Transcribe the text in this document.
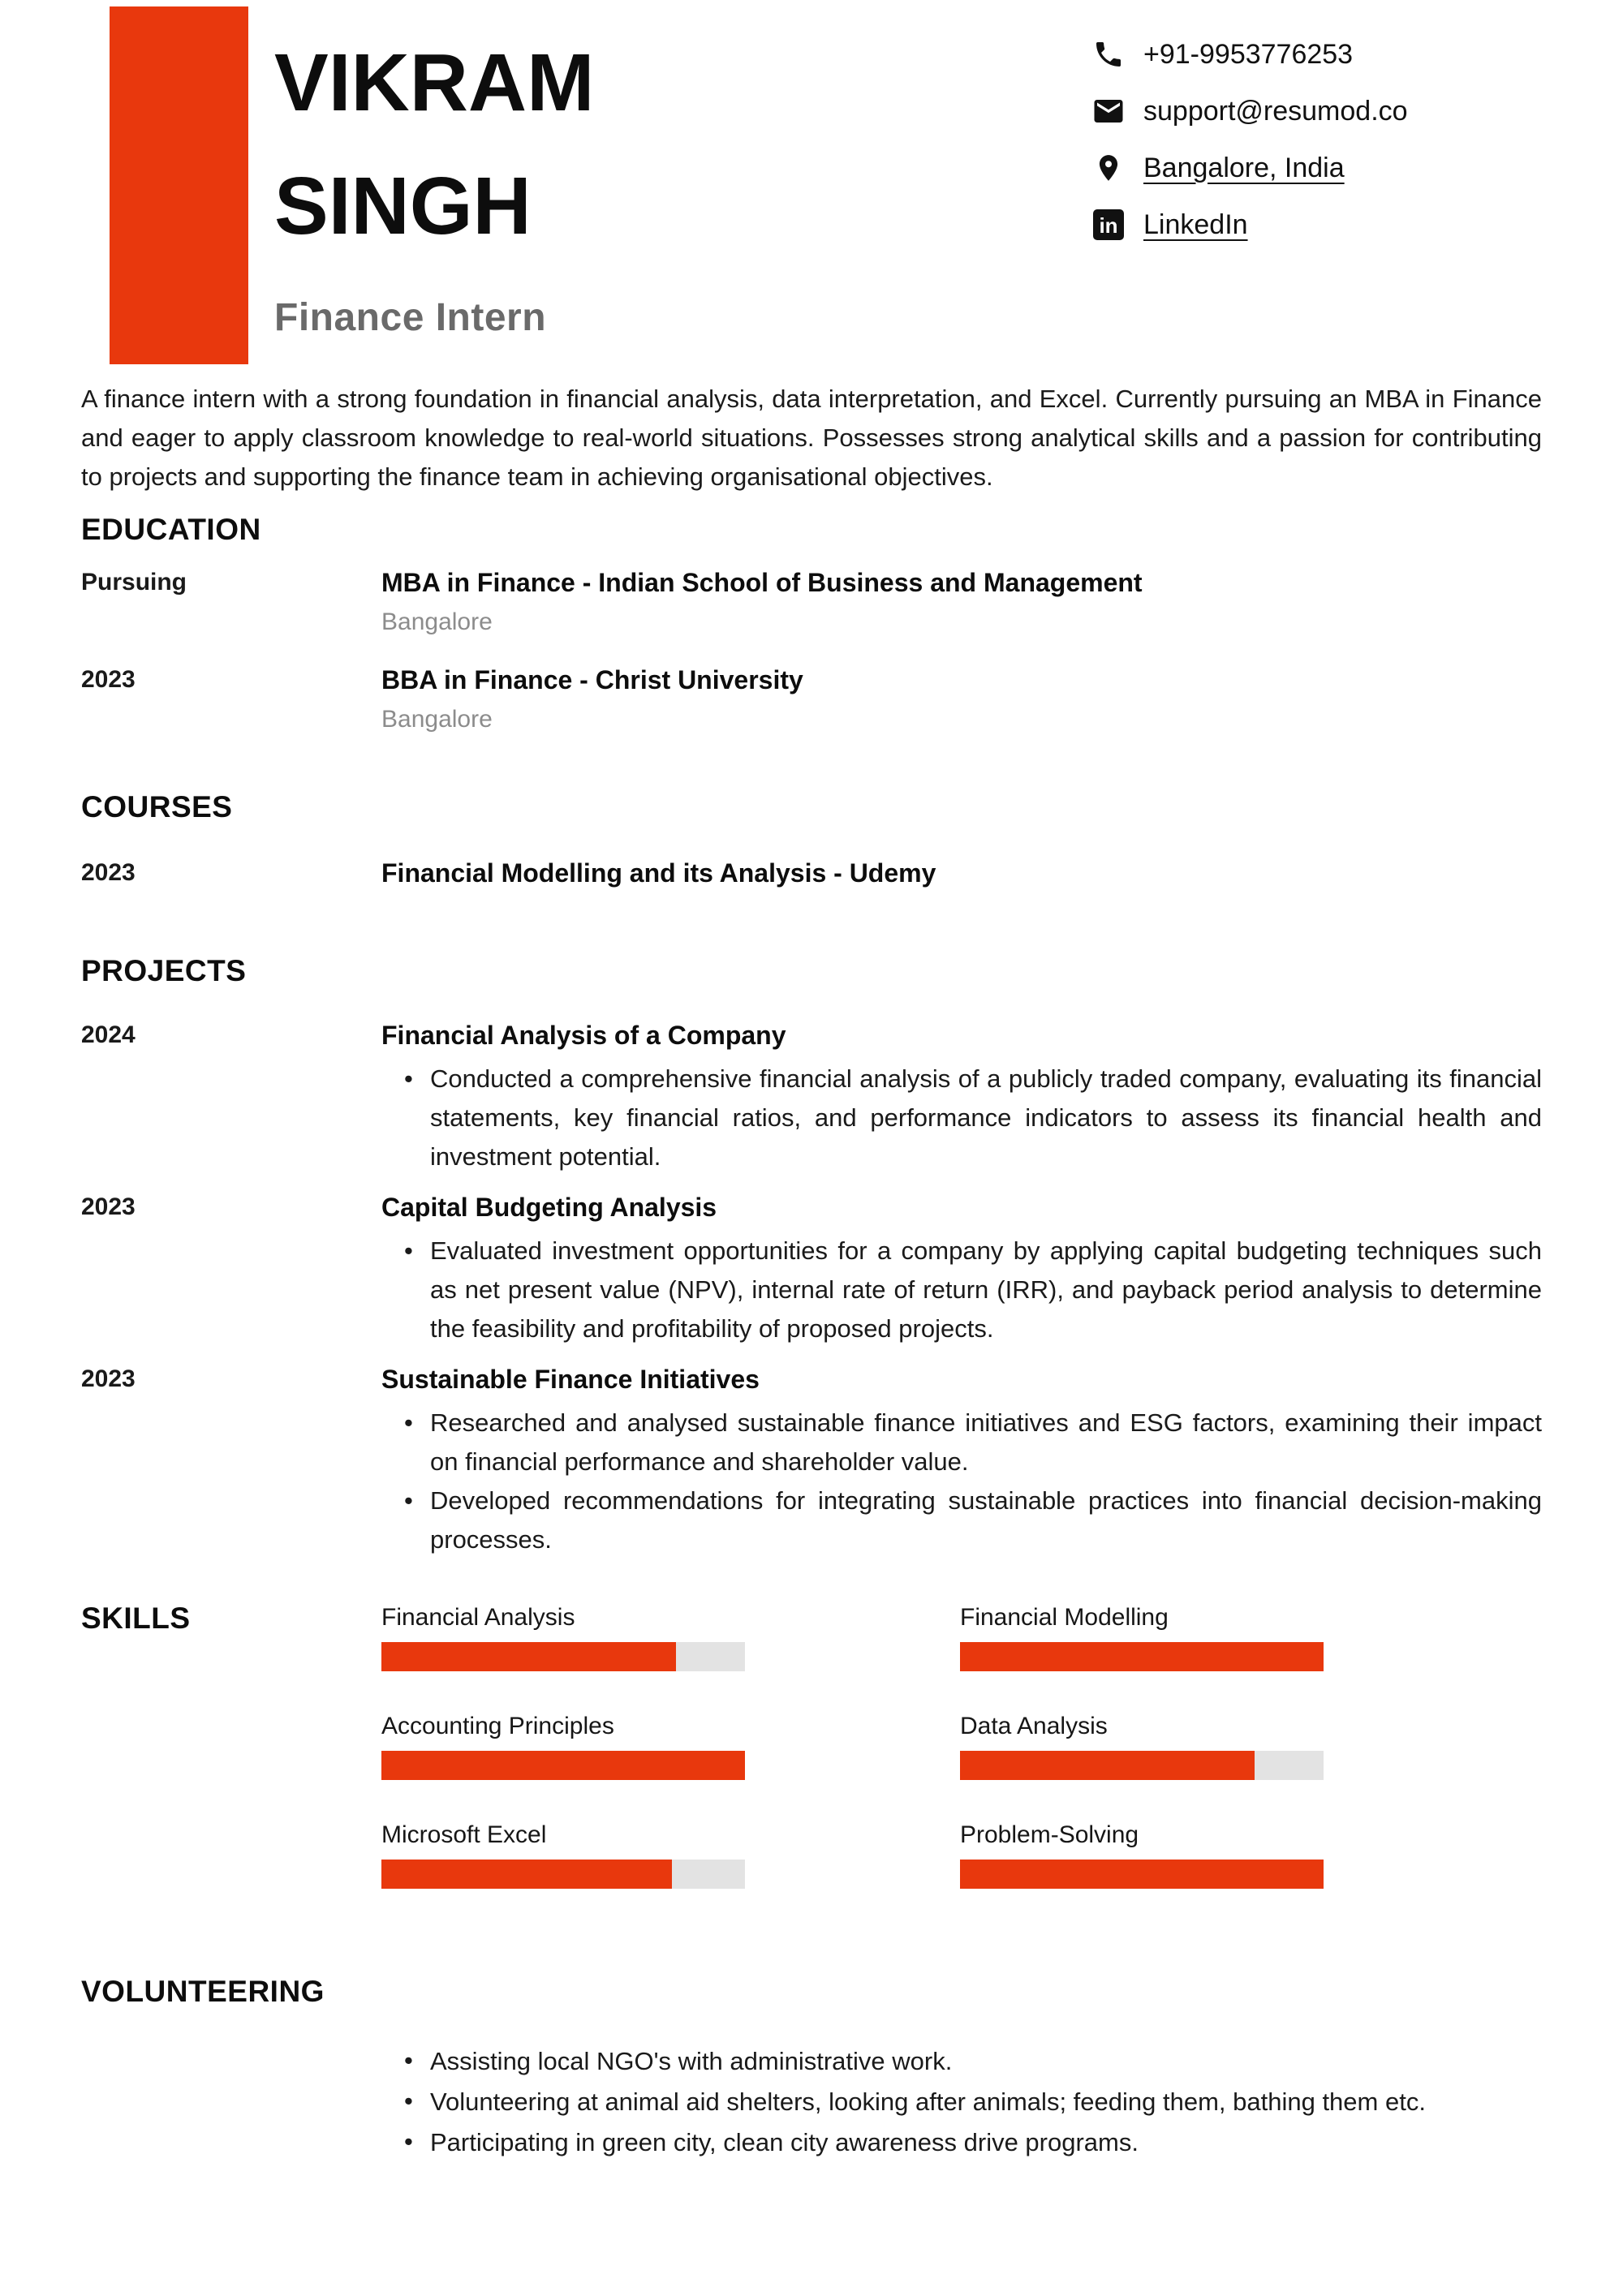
VIKRAM
SINGH
Finance Intern
+91-9953776253
support@resumod.co
Bangalore, India
in LinkedIn

A finance intern with a strong foundation in financial analysis, data interpretation, and Excel. Currently pursuing an MBA in Finance and eager to apply classroom knowledge to real-world situations. Possesses strong analytical skills and a passion for contributing to projects and supporting the finance team in achieving organisational objectives.

EDUCATION
Pursuing	MBA in Finance - Indian School of Business and Management
Bangalore
2023	BBA in Finance - Christ University
Bangalore
COURSES
2023	Financial Modelling and its Analysis - Udemy
PROJECTS
2024	Financial Analysis of a Company
• Conducted a comprehensive financial analysis of a publicly traded company, evaluating its financial statements, key financial ratios, and performance indicators to assess its financial health and investment potential.
2023	Capital Budgeting Analysis
• Evaluated investment opportunities for a company by applying capital budgeting techniques such as net present value (NPV), internal rate of return (IRR), and payback period analysis to determine the feasibility and profitability of proposed projects.
2023	Sustainable Finance Initiatives
• Researched and analysed sustainable finance initiatives and ESG factors, examining their impact on financial performance and shareholder value.
• Developed recommendations for integrating sustainable practices into financial decision-making processes.
SKILLS	Financial Analysis	Financial Modelling
Accounting Principles	Data Analysis
Microsoft Excel	Problem-Solving
VOLUNTEERING
• Assisting local NGO's with administrative work.
• Volunteering at animal aid shelters, looking after animals; feeding them, bathing them etc.
• Participating in green city, clean city awareness drive programs.
